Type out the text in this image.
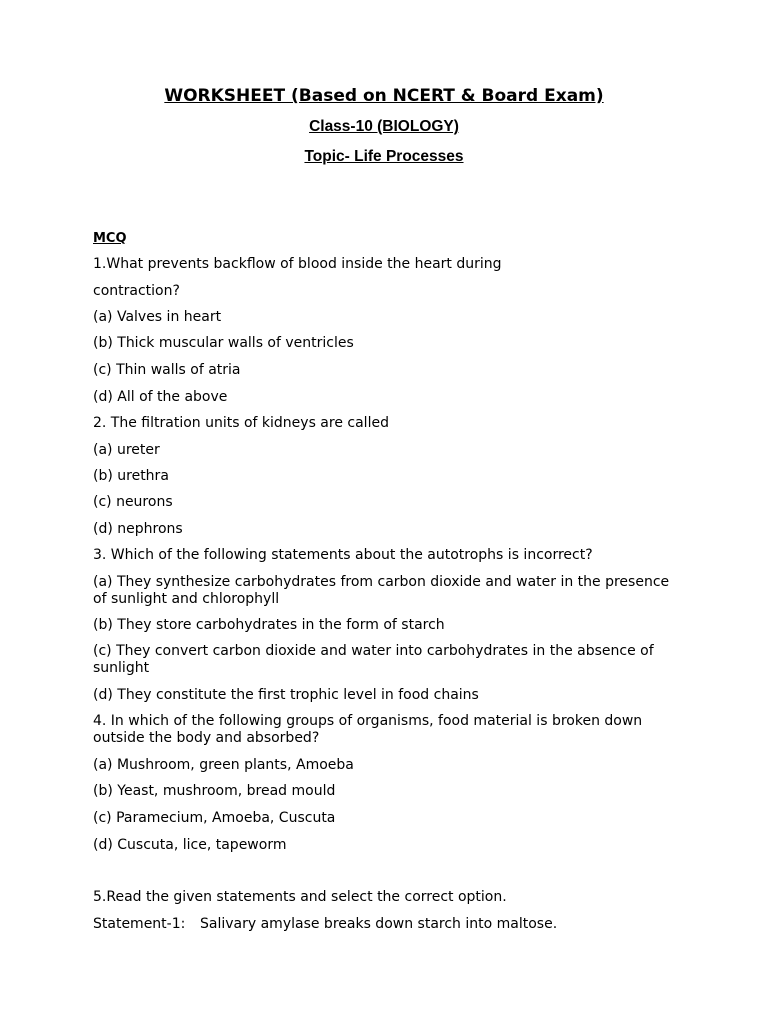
WORKSHEET (Based on NCERT & Board Exam)
Class-10 (BIOLOGY)
Topic- Life Processes
MCQ
1.What prevents backflow of blood inside the heart during
contraction?
(a) Valves in heart
(b) Thick muscular walls of ventricles
(c) Thin walls of atria
(d) All of the above
2. The filtration units of kidneys are called
(a) ureter
(b) urethra
(c) neurons
(d) nephrons
3. Which of the following statements about the autotrophs is incorrect?
(a) They synthesize carbohydrates from carbon dioxide and water in the presence of sunlight and chlorophyll
(b) They store carbohydrates in the form of starch
(c) They convert carbon dioxide and water into carbohydrates in the absence of sunlight
(d) They constitute the first trophic level in food chains
4. In which of the following groups of organisms, food material is broken down outside the body and absorbed?
(a) Mushroom, green plants, Amoeba
(b) Yeast, mushroom, bread mould
(c) Paramecium, Amoeba, Cuscuta
(d) Cuscuta, lice, tapeworm
5.Read the given statements and select the correct option.
Statement-1: Salivary amylase breaks down starch into maltose.
